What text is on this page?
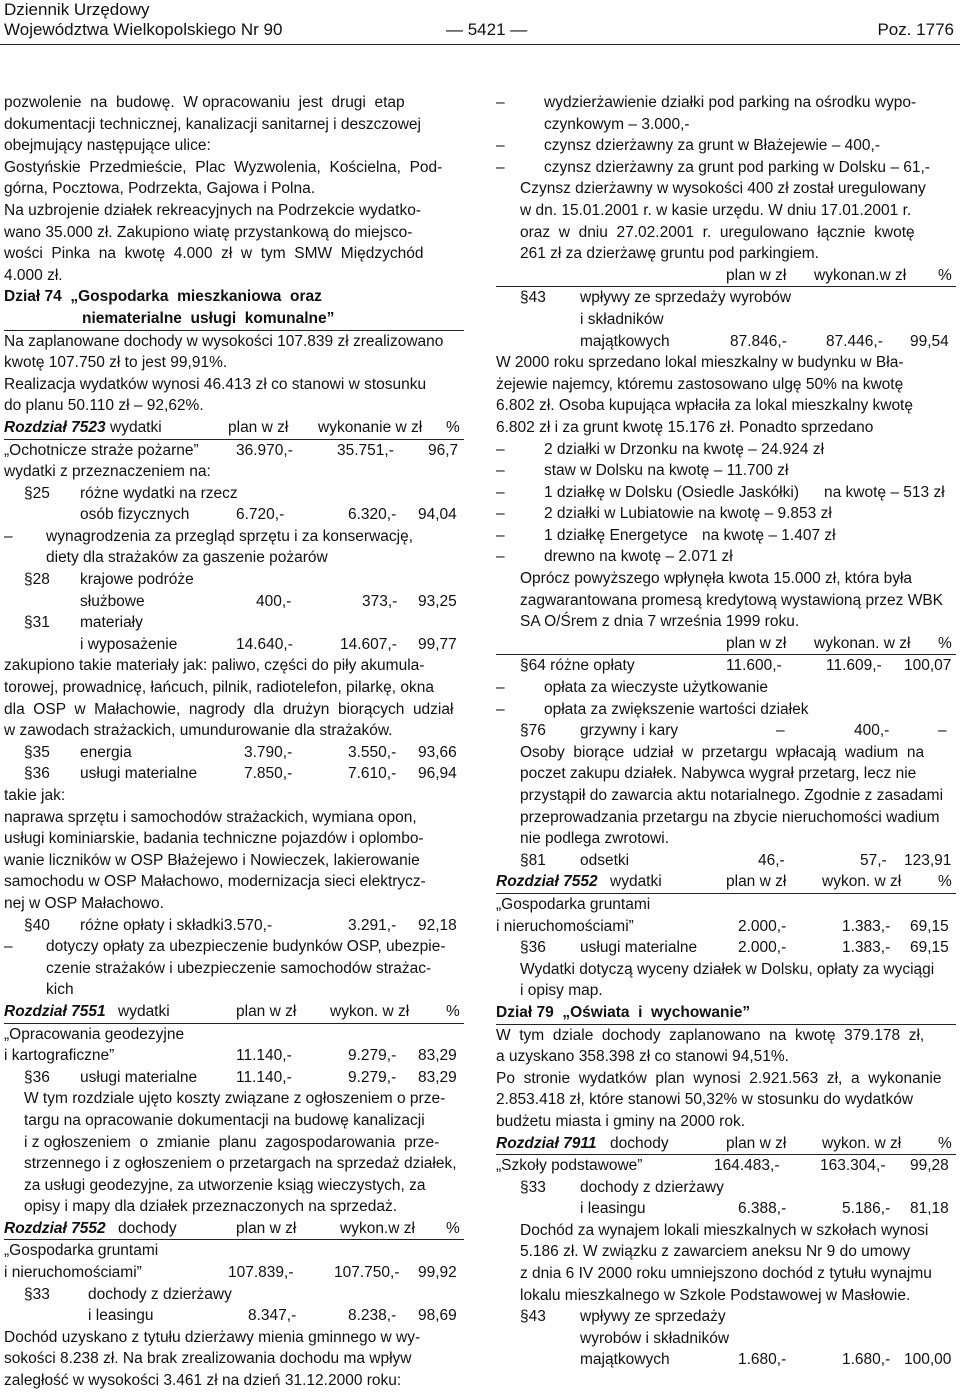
Dziennik Urzędowy
Województwa Wielkopolskiego Nr 90	— 5421 —	Poz. 1776
pozwolenie  na  budowę.  W opracowaniu  jest  drugi  etap
dokumentacji technicznej, kanalizacji sanitarnej i deszczowej
obejmujący następujące ulice:
Gostyńskie  Przedmieście,  Plac  Wyzwolenia,  Kościelna,  Pod-
górna, Pocztowa, Podrzekta, Gajowa i Polna.
Na uzbrojenie działek rekreacyjnych na Podrzekcie wydatko-
wano 35.000 zł. Zakupiono wiatę przystankową do miejsco-
wości  Pinka  na  kwotę  4.000  zł  w  tym  SMW  Międzychód
4.000 zł.
Dział 74  „Gospodarka  mieszkaniowa  oraz
niematerialne  usługi  komunalne”
Na zaplanowane dochody w wysokości 107.839 zł zrealizowano
kwotę 107.750 zł to jest 99,91%.
Realizacja wydatków wynosi 46.413 zł co stanowi w stosunku
do planu 50.110 zł – 92,62%.
Rozdział 7523 wydatki	plan w zł wykonanie w zł %
„Ochotnicze straże pożarne” 36.970,-	35.751,- 96,7
wydatki z przeznaczeniem na:
§25 różne wydatki na rzecz
osób fizycznych	6.720,-	6.320,- 94,04
– wynagrodzenia za przegląd sprzętu i za konserwację,
diety dla strażaków za gaszenie pożarów
§28 krajowe podróże
służbowe	400,-	373,- 93,25
§31 materiały
i wyposażenie	14.640,-	14.607,- 99,77
zakupiono takie materiały jak: paliwo, części do piły akumula-
torowej, prowadnicę, łańcuch, pilnik, radiotelefon, pilarkę, okna
dla  OSP  w  Małachowie,  nagrody  dla  drużyn  biorących  udział
w zawodach strażackich, umundurowanie dla strażaków.
§35 energia	3.790,-	3.550,- 93,66
§36 usługi materialne	7.850,-	7.610,- 96,94
takie jak:
naprawa sprzętu i samochodów strażackich, wymiana opon,
usługi kominiarskie, badania techniczne pojazdów i oplombo-
wanie liczników w OSP Błażejewo i Nowieczek, lakierowanie
samochodu w OSP Małachowo, modernizacja sieci elektrycz-
nej w OSP Małachowo.
§40 różne opłaty i składki3.570,-	3.291,- 92,18
– dotyczy opłaty za ubezpieczenie budynków OSP, ubezpie-
czenie strażaków i ubezpieczenie samochodów strażac-
kich
Rozdział 7551 wydatki	plan w zł wykon. w zł %
„Opracowania geodezyjne
i kartograficzne”	11.140,-	9.279,- 83,29
§36 usługi materialne	11.140,-	9.279,- 83,29
W tym rozdziale ujęto koszty związane z ogłoszeniem o prze-
targu na opracowanie dokumentacji na budowę kanalizacji
i z ogłoszeniem  o  zmianie  planu  zagospodarowania  prze-
strzennego i z ogłoszeniem o przetargach na sprzedaż działek,
za usługi geodezyjne, za utworzenie ksiąg wieczystych, za
opisy i mapy dla działek przeznaczonych na sprzedaż.
Rozdział 7552 dochody	plan w zł	wykon.w zł %
„Gospodarka gruntami
i nieruchomościami”	107.839,-	107.750,- 99,92
§33 dochody z dzierżawy
i leasingu	8.347,-	8.238,- 98,69
Dochód uzyskano z tytułu dzierżawy mienia gminnego w wy-
sokości 8.238 zł. Na brak zrealizowania dochodu ma wpływ
zaległość w wysokości 3.461 zł na dzień 31.12.2000 roku:
–	wydzierżawienie działki pod parking na ośrodku wypo-
czynkowym – 3.000,-
–	czynsz dzierżawny za grunt w Błażejewie – 400,-
–	czynsz dzierżawny za grunt pod parking w Dolsku – 61,-
Czynsz dzierżawny w wysokości 400 zł został uregulowany
w dn. 15.01.2001 r. w kasie urzędu. W dniu 17.01.2001 r.
oraz  w  dniu  27.02.2001  r.  uregulowano  łącznie  kwotę
261 zł za dzierżawę gruntu pod parkingiem.
plan w zł wykonan.w zł %
§43 wpływy ze sprzedaży wyrobów
i składników
majątkowych	87.846,-	87.446,- 99,54
W 2000 roku sprzedano lokal mieszkalny w budynku w Bła-
żejewie najemcy, któremu zastosowano ulgę 50% na kwotę
6.802 zł. Osoba kupująca wpłaciła za lokal mieszkalny kwotę
6.802 zł i za grunt kwotę 15.176 zł. Ponadto sprzedano
–	2 działki w Drzonku na kwotę – 24.924 zł
–	staw w Dolsku na kwotę – 11.700 zł
–	1 działkę w Dolsku (Osiedle Jaskółki) na kwotę – 513 zł
–	2 działki w Lubiatowie na kwotę – 9.853 zł
–	1 działkę Energetyce na kwotę – 1.407 zł
–	drewno na kwotę – 2.071 zł
Oprócz powyższego wpłynęła kwota 15.000 zł, która była
zagwarantowana promesą kredytową wystawioną przez WBK
SA O/Śrem z dnia 7 września 1999 roku.
plan w zł wykonan. w zł %
§64 różne opłaty	11.600,-	11.609,- 100,07
–	opłata za wieczyste użytkowanie
–	opłata za zwiększenie wartości działek
§76 grzywny i kary	–	400,-	–
Osoby  biorące  udział  w  przetargu  wpłacają  wadium  na
poczet zakupu działek. Nabywca wygrał przetarg, lecz nie
przystąpił do zawarcia aktu notarialnego. Zgodnie z zasadami
przeprowadzania przetargu na zbycie nieruchomości wadium
nie podlega zwrotowi.
§81 odsetki	46,-	57,- 123,91
Rozdział 7552 wydatki	plan w zł wykon. w zł %
„Gospodarka gruntami
i nieruchomościami”	2.000,-	1.383,- 69,15
§36 usługi materialne	2.000,-	1.383,- 69,15
Wydatki dotyczą wyceny działek w Dolsku, opłaty za wyciągi
i opisy map.
Dział 79  „Oświata  i  wychowanie”
W  tym  dziale  dochody  zaplanowano  na  kwotę  379.178  zł,
a uzyskano 358.398 zł co stanowi 94,51%.
Po  stronie  wydatków  plan  wynosi  2.921.563  zł,  a  wykonanie
2.853.418 zł, które stanowi 50,32% w stosunku do wydatków
budżetu miasta i gminy na 2000 rok.
Rozdział 7911 dochody	plan w zł wykon. w zł %
„Szkoły podstawowe”	164.483,-	163.304,- 99,28
§33 dochody z dzierżawy
i leasingu	6.388,-	5.186,- 81,18
Dochód za wynajem lokali mieszkalnych w szkołach wynosi
5.186 zł. W związku z zawarciem aneksu Nr 9 do umowy
z dnia 6 IV 2000 roku umniejszono dochód z tytułu wynajmu
lokalu mieszkalnego w Szkole Podstawowej w Masłowie.
§43 wpływy ze sprzedaży
wyrobów i składników
majątkowych	1.680,-	1.680,- 100,00
